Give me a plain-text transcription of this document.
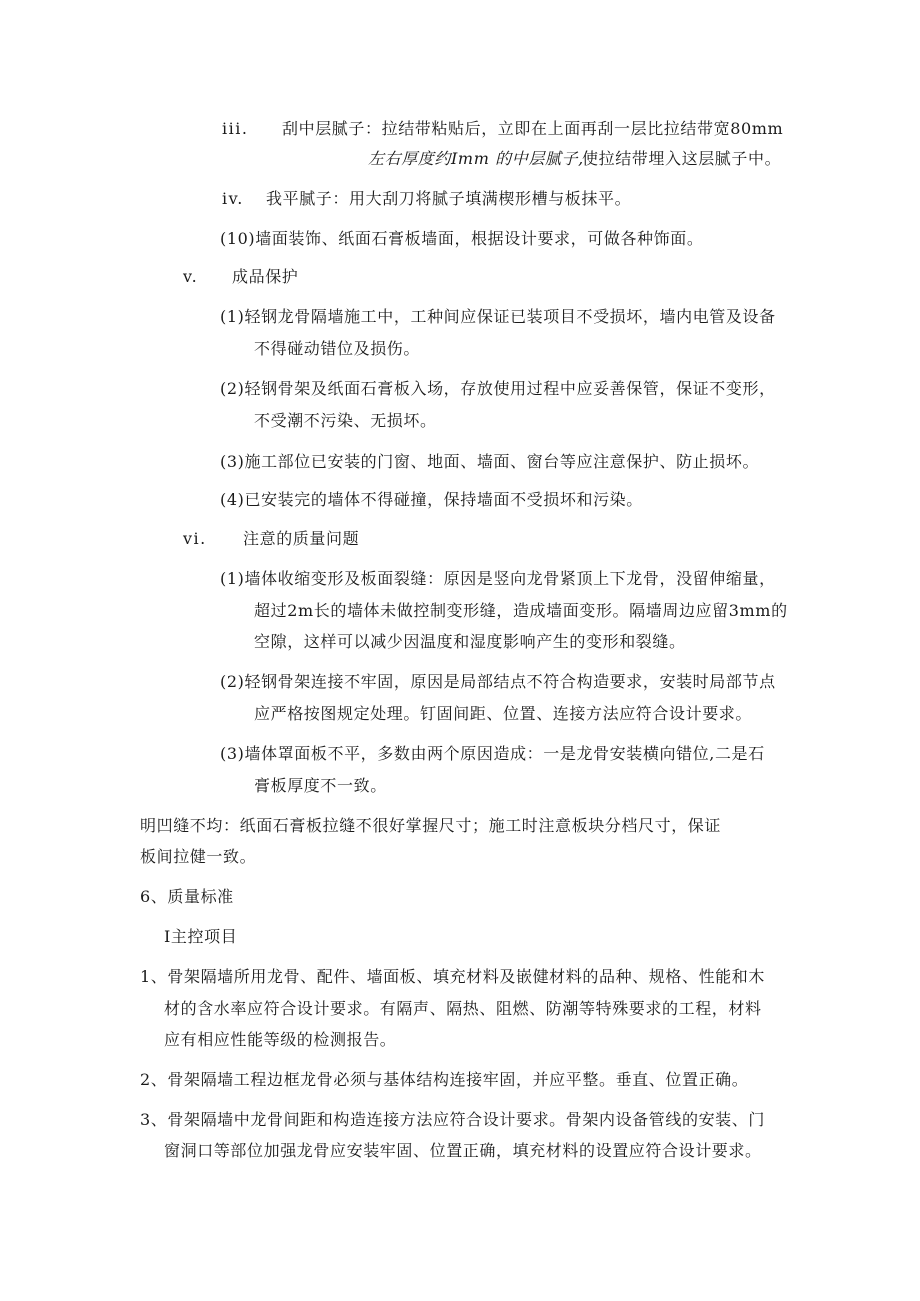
iii. 刮中层腻子：拉结带粘贴后，立即在上面再刮一层比拉结带宽80mm
左右厚度约Imm 的中层腻子,
使拉结带埋入这层腻子中。
iv. 我平腻子：用大刮刀将腻子填满楔形槽与板抹平。
(10)墙面装饰、纸面石膏板墙面，根据设计要求，可做各种饰面。
v. 成品保护
(1)轻钢龙骨隔墙施工中，工种间应保证已装项目不受损坏，墙内电管及设备
不得碰动错位及损伤。
(2)轻钢骨架及纸面石膏板入场，存放使用过程中应妥善保管，保证不变形，
不受潮不污染、无损坏。
(3)施工部位已安装的门窗、地面、墙面、窗台等应注意保护、防止损坏。
(4)已安装完的墙体不得碰撞，保持墙面不受损坏和污染。
vi. 注意的质量问题
(1)墙体收缩变形及板面裂缝：原因是竖向龙骨紧顶上下龙骨，没留伸缩量，
超过2m长的墙体未做控制变形缝，造成墙面变形。隔墙周边应留3mm的
空隙，这样可以减少因温度和湿度影响产生的变形和裂缝。
(2)轻钢骨架连接不牢固，原因是局部结点不符合构造要求，安装时局部节点
应严格按图规定处理。钉固间距、位置、连接方法应符合设计要求。
(3)墙体罩面板不平，多数由两个原因造成：一是龙骨安装横向错位,二是石
膏板厚度不一致。
明凹缝不均：纸面石膏板拉缝不很好掌握尺寸；施工时注意板块分档尺寸，保证
板间拉健一致。
6、质量标准
I主控项目
1、骨架隔墙所用龙骨、配件、墙面板、填充材料及嵌健材料的品种、规格、性能和木
材的含水率应符合设计要求。有隔声、隔热、阻燃、防潮等特殊要求的工程，材料
应有相应性能等级的检测报告。
2、骨架隔墙工程边框龙骨必须与基体结构连接牢固，并应平整。垂直、位置正确。
3、骨架隔墙中龙骨间距和构造连接方法应符合设计要求。骨架内设备管线的安装、门
窗洞口等部位加强龙骨应安装牢固、位置正确，填充材料的设置应符合设计要求。
